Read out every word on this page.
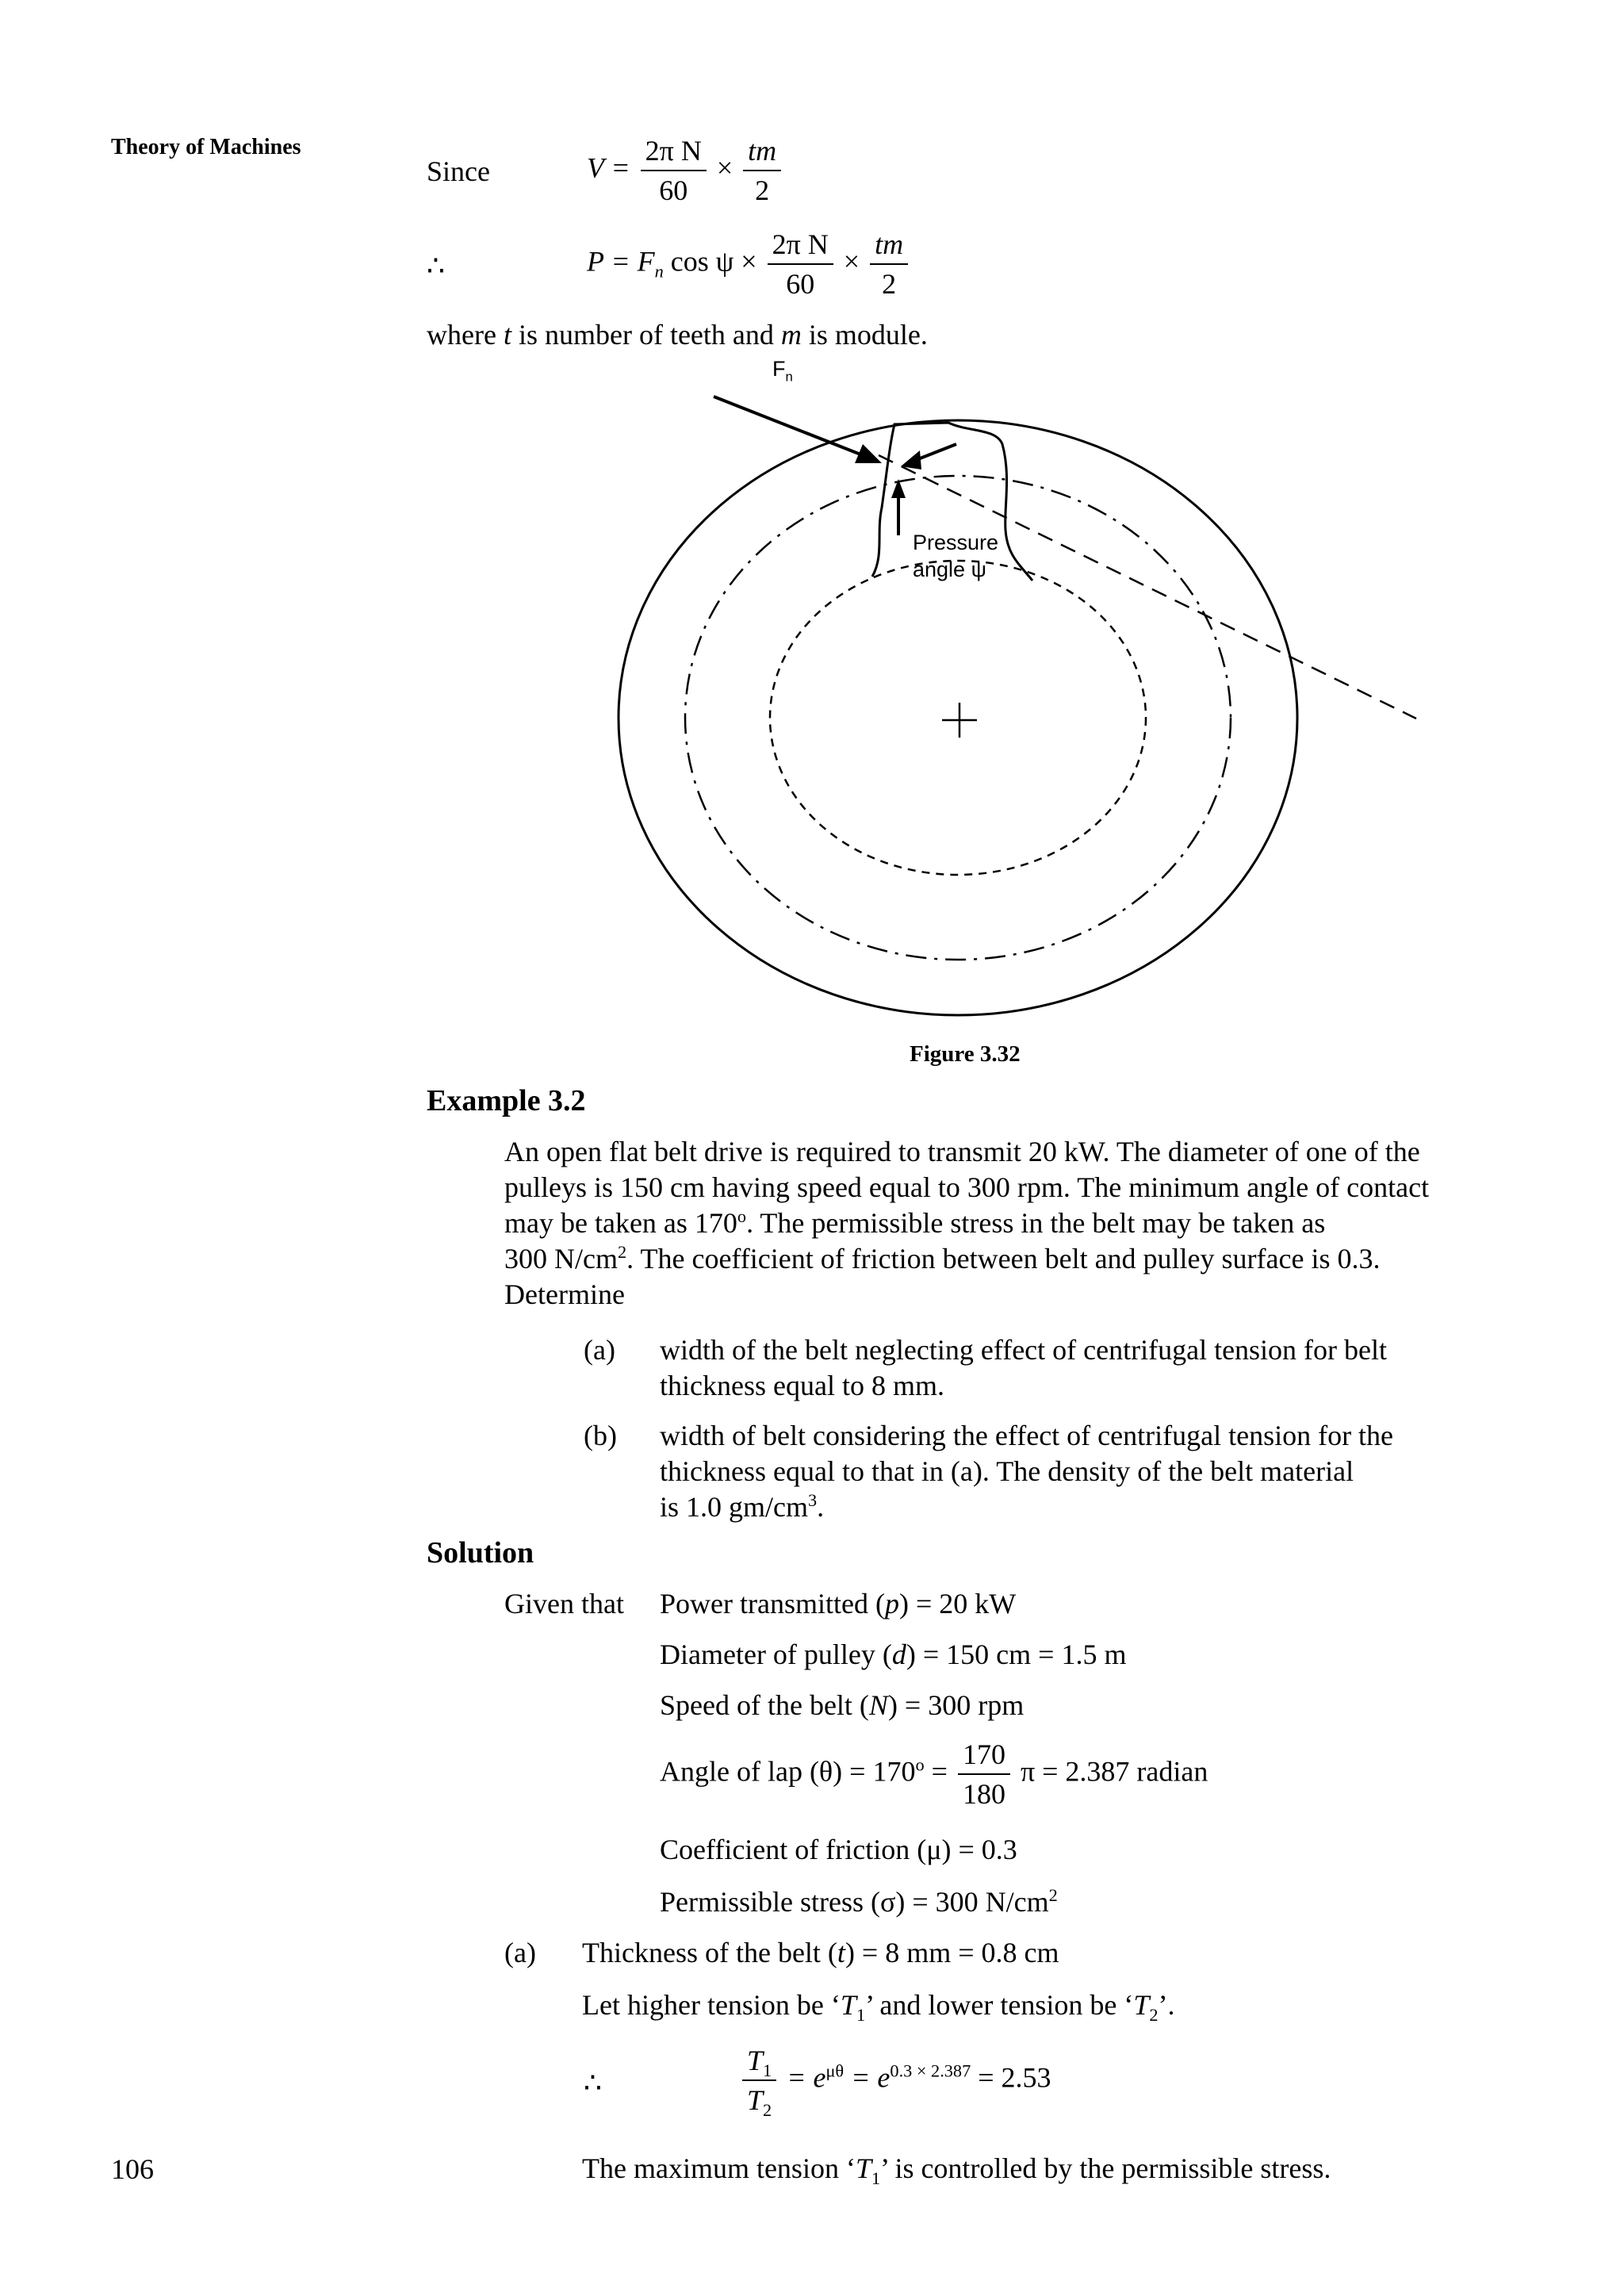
Theory of Machines
Since	$V = \frac{\text{2π N}}{60} \times \frac{tm}{2}$
∴	$P = F_n$ $\cos \psi \times \frac{\text{2π N}}{60} \times \frac{tm}{2}$
where t is number of teeth and m is module.
$F_n$
Pressure
angle ψ
Figure 3.32
Example 3.2
An open flat belt drive is required to transmit 20 kW. The diameter of one of the
pulleys is 150 cm having speed equal to 300 rpm. The minimum angle of contact
may be taken as 170$^o$. The permissible stress in the belt may be taken as
300 $N/cm^2$. The coefficient of friction between belt and pulley surface is 0.3.
Determine
(a) width of the belt neglecting effect of centrifugal tension for belt
thickness equal to 8 mm.
(b) width of belt considering the effect of centrifugal tension for the
thickness equal to that in (a). The density of the belt material
is 1.0 $gm/cm^3$.
Solution
Given that Power transmitted (p) = 20 kW
Diameter of pulley (d) = 150 cm = 1.5 m
Speed of the belt (N) = 300 rpm
Angle of lap $(\theta) = 170^o = \frac{170}{180}$ π = 2.387 radian
Coefficient of friction (μ) = 0.3
Permissible stress (σ) = 300 $N/cm^2$
(a) Thickness of the belt (t) = 8 mm = 0.8 cm
Let higher tension be ‘$T_1$’ and lower tension be ‘$T_2$’.
∴	$\frac{T_1}{T_2} = e^{\mu\theta} = e^{0.3 \times 2.387} = 2.53$
The maximum tension ‘$T_1$’ is controlled by the permissible stress.
106
